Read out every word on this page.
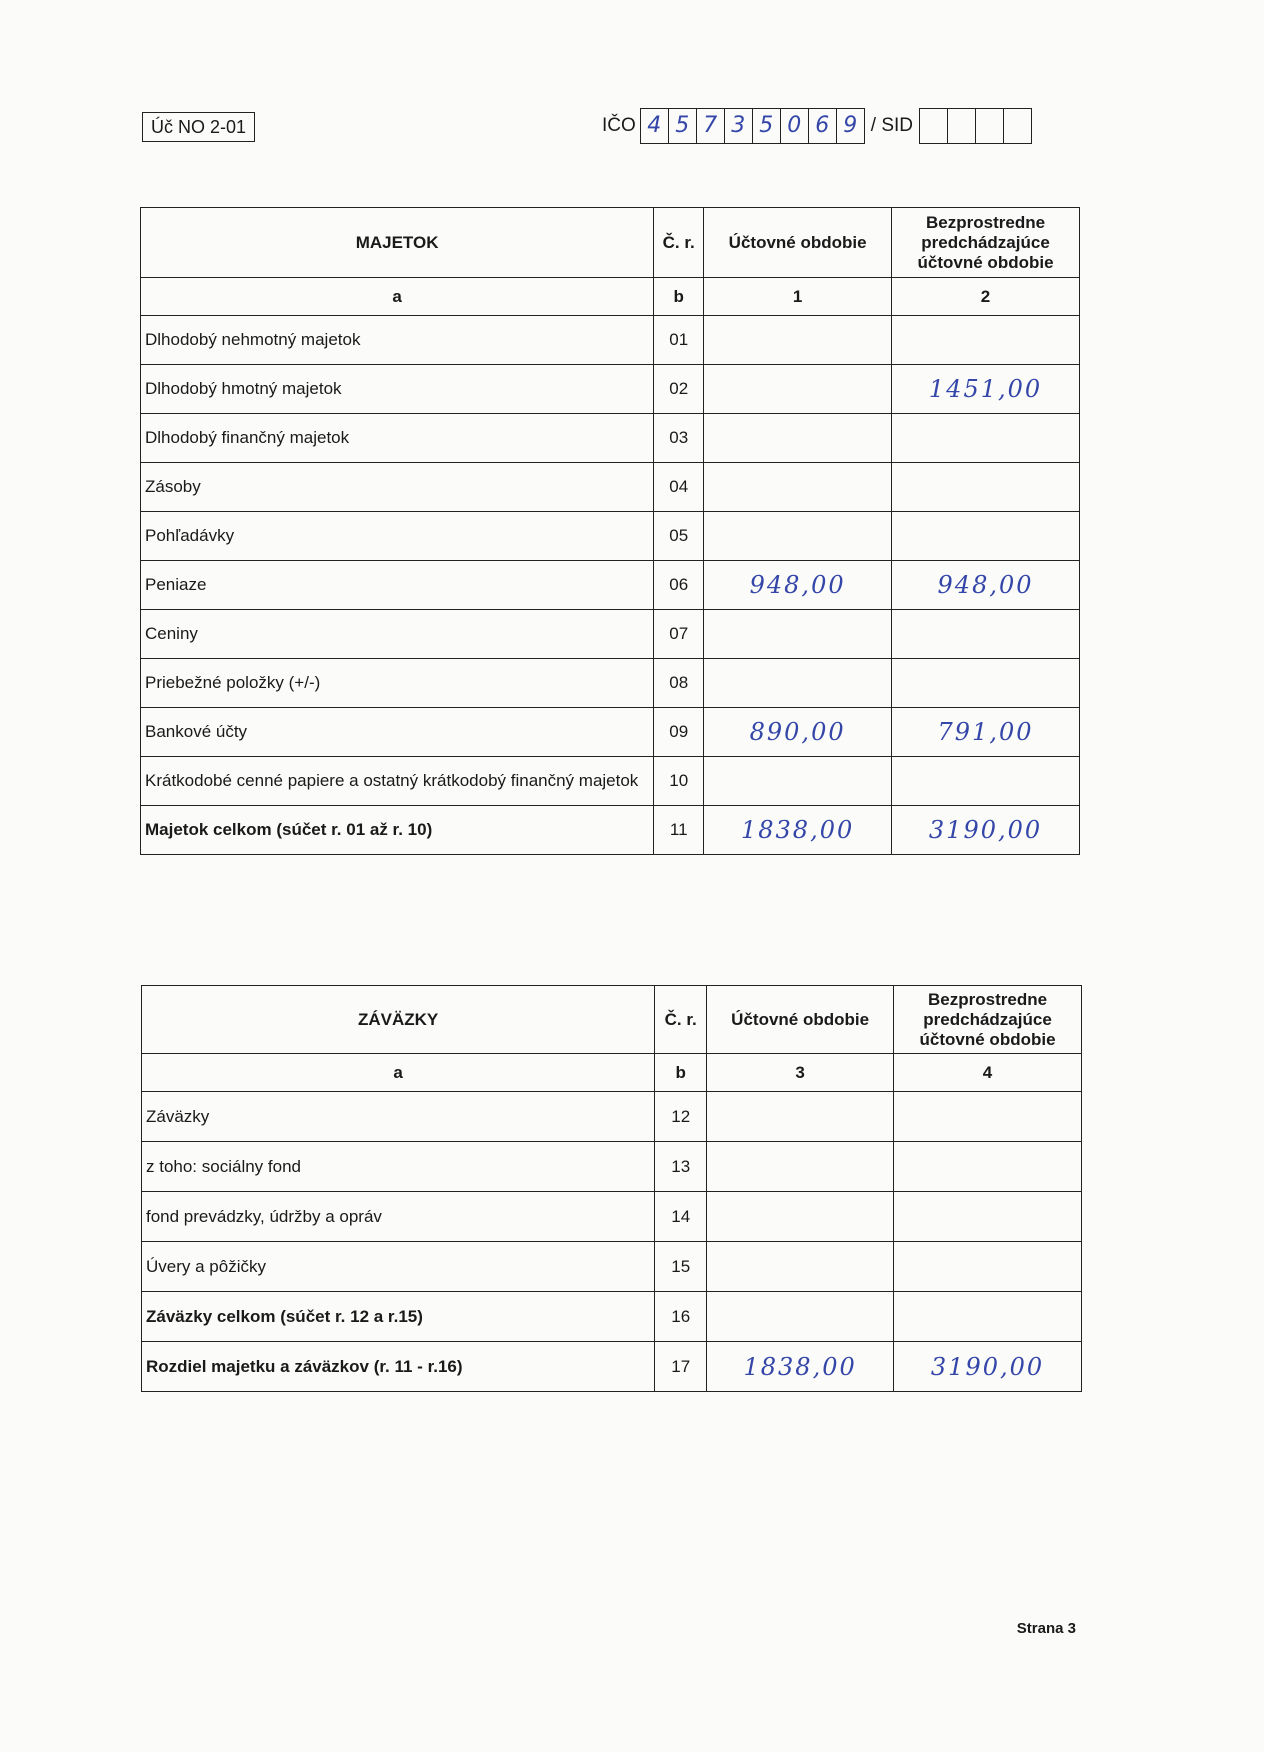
Úč NO 2-01	IČO 4 5 7 3 5 0 6 9 / SID
MAJETOK	Č. r.	Účtovné obdobie	Bezprostredne predchádzajúce účtovné obdobie
a	b	1	2
Dlhodobý nehmotný majetok	01		
Dlhodobý hmotný majetok	02		1451,00
Dlhodobý finančný majetok	03		
Zásoby	04		
Pohľadávky	05		
Peniaze	06	948,00	948,00
Ceniny	07		
Priebežné položky (+/-)	08		
Bankové účty	09	890,00	791,00
Krátkodobé cenné papiere a ostatný krátkodobý finančný majetok	10		
Majetok celkom (súčet r. 01 až r. 10)	11	1838,00	3190,00
ZÁVÄZKY	Č. r.	Účtovné obdobie	Bezprostredne predchádzajúce účtovné obdobie
a	b	3	4
Záväzky	12		
z toho: sociálny fond	13		
fond prevádzky, údržby a opráv	14		
Úvery a pôžičky	15		
Záväzky celkom (súčet r. 12 a r.15)	16		
Rozdiel majetku a záväzkov (r. 11 - r.16)	17	1838,00	3190,00
Strana 3
